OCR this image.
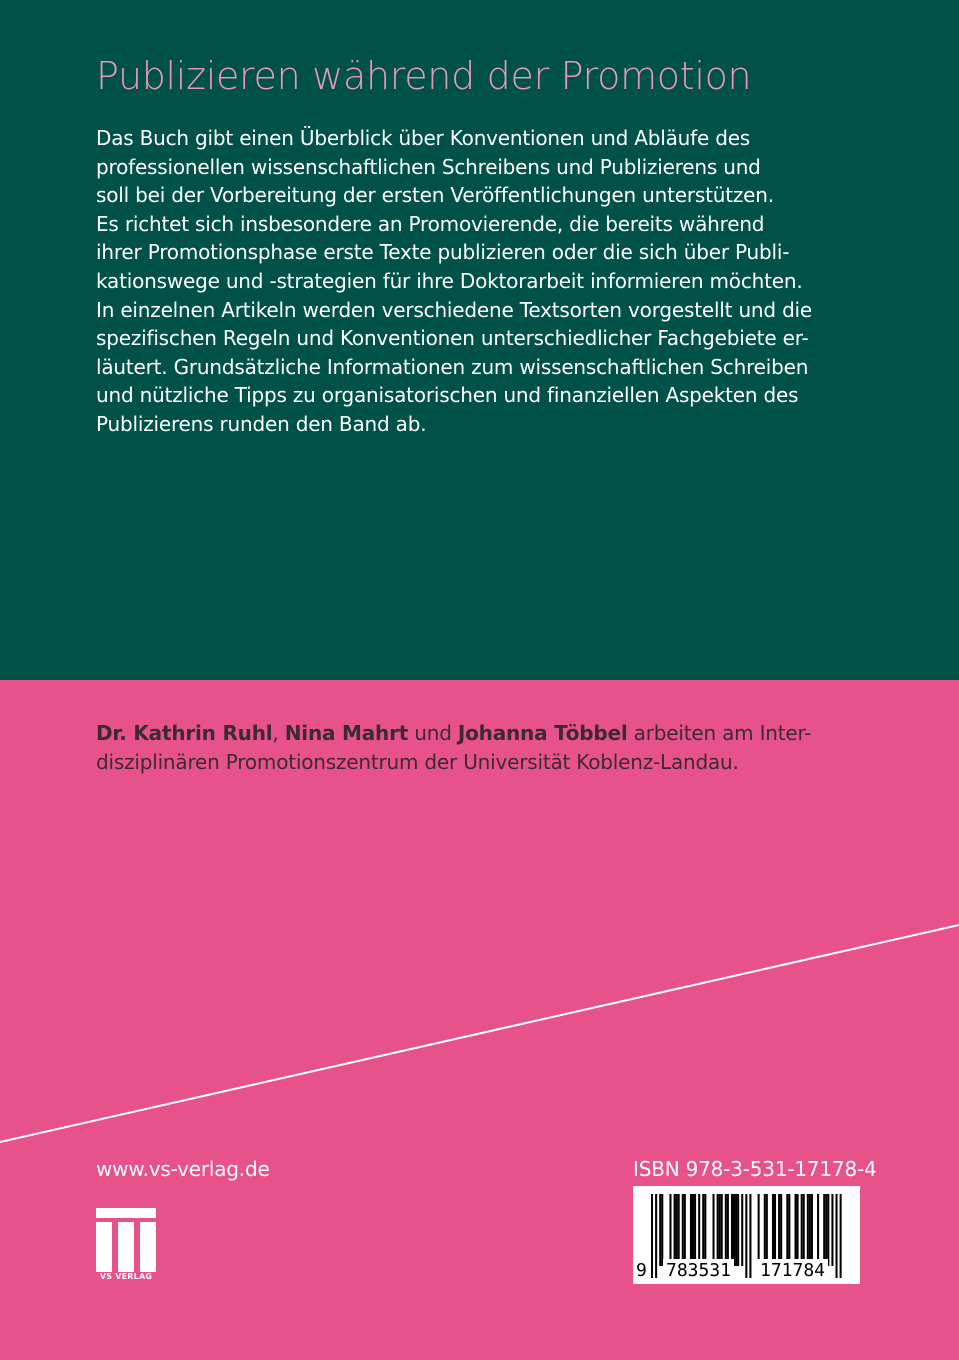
Publizieren während der Promotion
Das Buch gibt einen Überblick über Konventionen und Abläufe des
professionellen wissenschaftlichen Schreibens und Publizierens und
soll bei der Vorbereitung der ersten Veröffentlichungen unterstützen.
Es richtet sich insbesondere an Promovierende, die bereits während
ihrer Promotionsphase erste Texte publizieren oder die sich über Publi-
kationswege und -strategien für ihre Doktorarbeit informieren möchten.
In einzelnen Artikeln werden verschiedene Textsorten vorgestellt und die
spezifischen Regeln und Konventionen unterschiedlicher Fachgebiete er-
läutert. Grundsätzliche Informationen zum wissenschaftlichen Schreiben
und nützliche Tipps zu organisatorischen und finanziellen Aspekten des
Publizierens runden den Band ab.
Dr. Kathrin Ruhl, Nina Mahrt und Johanna Többel arbeiten am Inter-
disziplinären Promotionszentrum der Universität Koblenz-Landau.
www.vs-verlag.de
VS VERLAG
ISBN 978-3-531-17178-4
9 783531 171784
